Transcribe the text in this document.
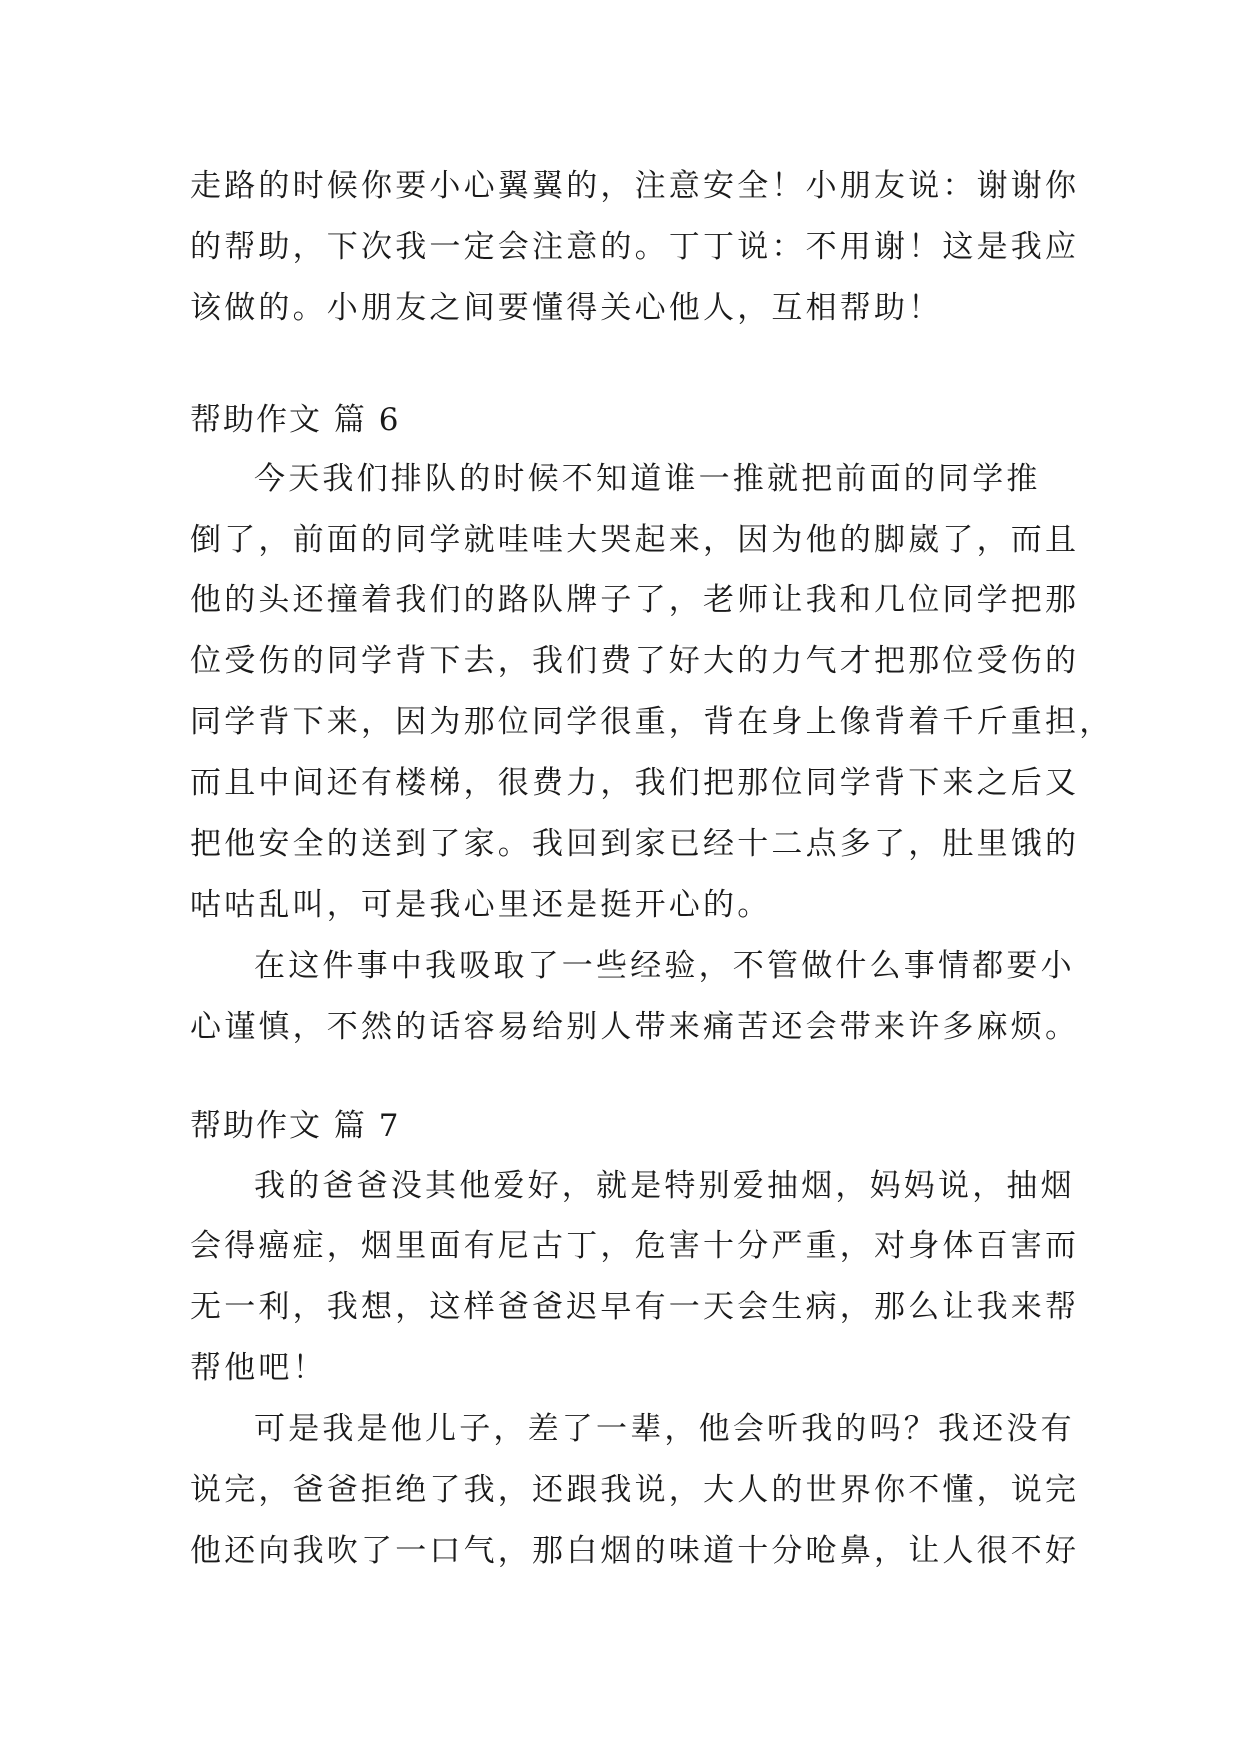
走路的时候你要小心翼翼的，注意安全！小朋友说：谢谢你
的帮助，下次我一定会注意的。丁丁说：不用谢！这是我应
该做的。小朋友之间要懂得关心他人，互相帮助！
帮助作文 篇 6
今天我们排队的时候不知道谁一推就把前面的同学推
倒了，前面的同学就哇哇大哭起来，因为他的脚崴了，而且
他的头还撞着我们的路队牌子了，老师让我和几位同学把那
位受伤的同学背下去，我们费了好大的力气才把那位受伤的
同学背下来，因为那位同学很重，背在身上像背着千斤重担，
而且中间还有楼梯，很费力，我们把那位同学背下来之后又
把他安全的送到了家。我回到家已经十二点多了，肚里饿的
咕咕乱叫，可是我心里还是挺开心的。
在这件事中我吸取了一些经验，不管做什么事情都要小
心谨慎，不然的话容易给别人带来痛苦还会带来许多麻烦。
帮助作文 篇 7
我的爸爸没其他爱好，就是特别爱抽烟，妈妈说，抽烟
会得癌症，烟里面有尼古丁，危害十分严重，对身体百害而
无一利，我想，这样爸爸迟早有一天会生病，那么让我来帮
帮他吧！
可是我是他儿子，差了一辈，他会听我的吗？我还没有
说完，爸爸拒绝了我，还跟我说，大人的世界你不懂，说完
他还向我吹了一口气，那白烟的味道十分呛鼻，让人很不好
